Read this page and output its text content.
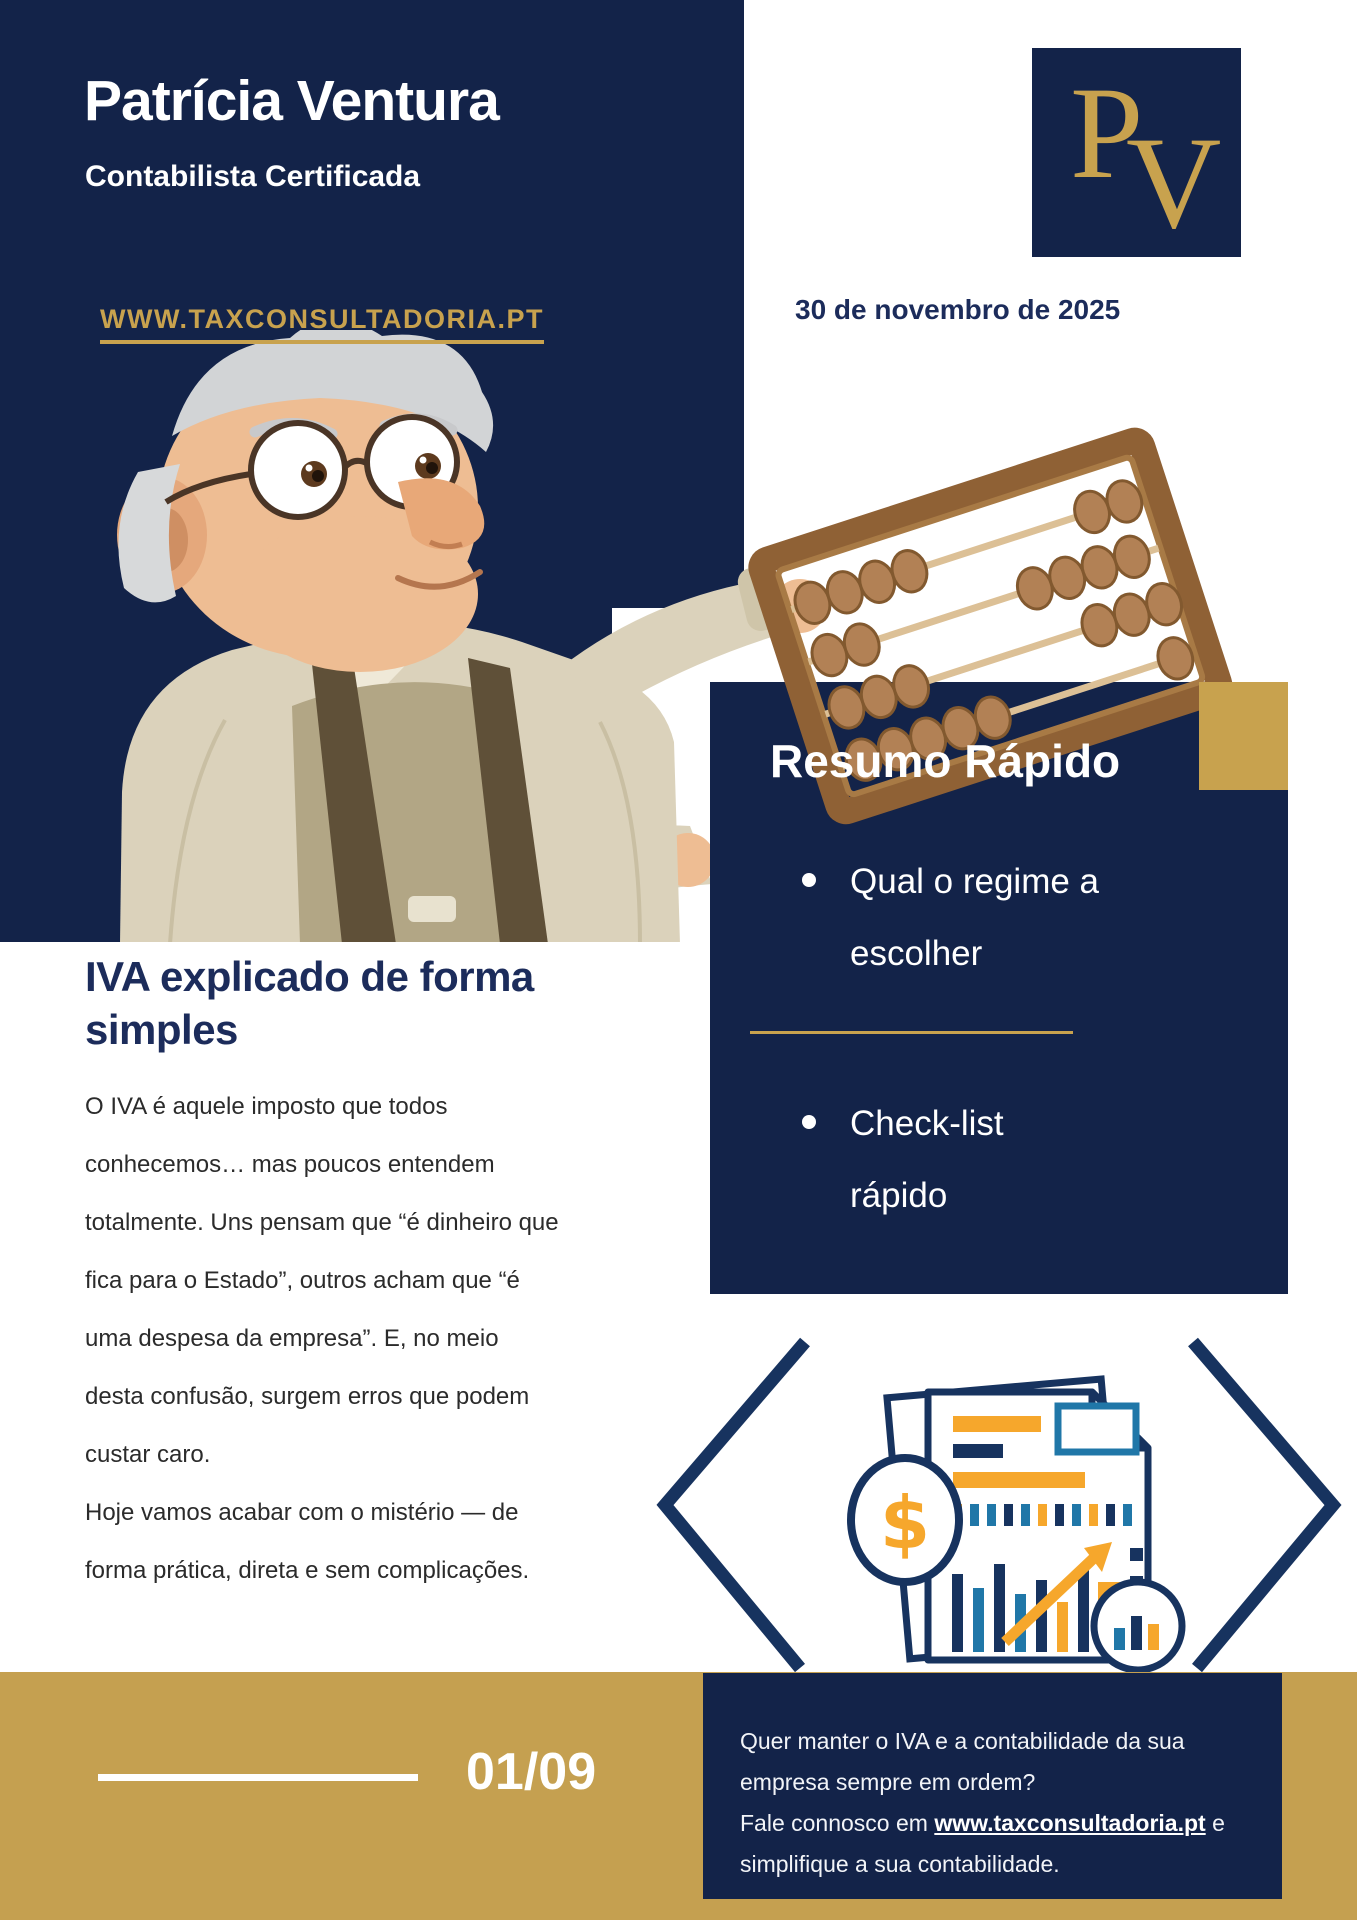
Patrícia Ventura
Contabilista Certificada
WWW.TAXCONSULTADORIA.PT
P
V
30 de novembro de 2025
Resumo Rápido
Qual o regime a
escolher
Check-list
rápido
IVA explicado de forma
simples

O IVA é aquele imposto que todos conhecemos… mas poucos entendem totalmente. Uns pensam que “é dinheiro que fica para o Estado”, outros acham que “é uma despesa da empresa”. E, no meio desta confusão, surgem erros que podem custar caro.

Hoje vamos acabar com o mistério — de forma prática, direta e sem complicações.

$
01/09

Quer manter o IVA e a contabilidade da sua
empresa sempre em ordem?
Fale connosco em www.taxconsultadoria.pt e
simplifique a sua contabilidade.
